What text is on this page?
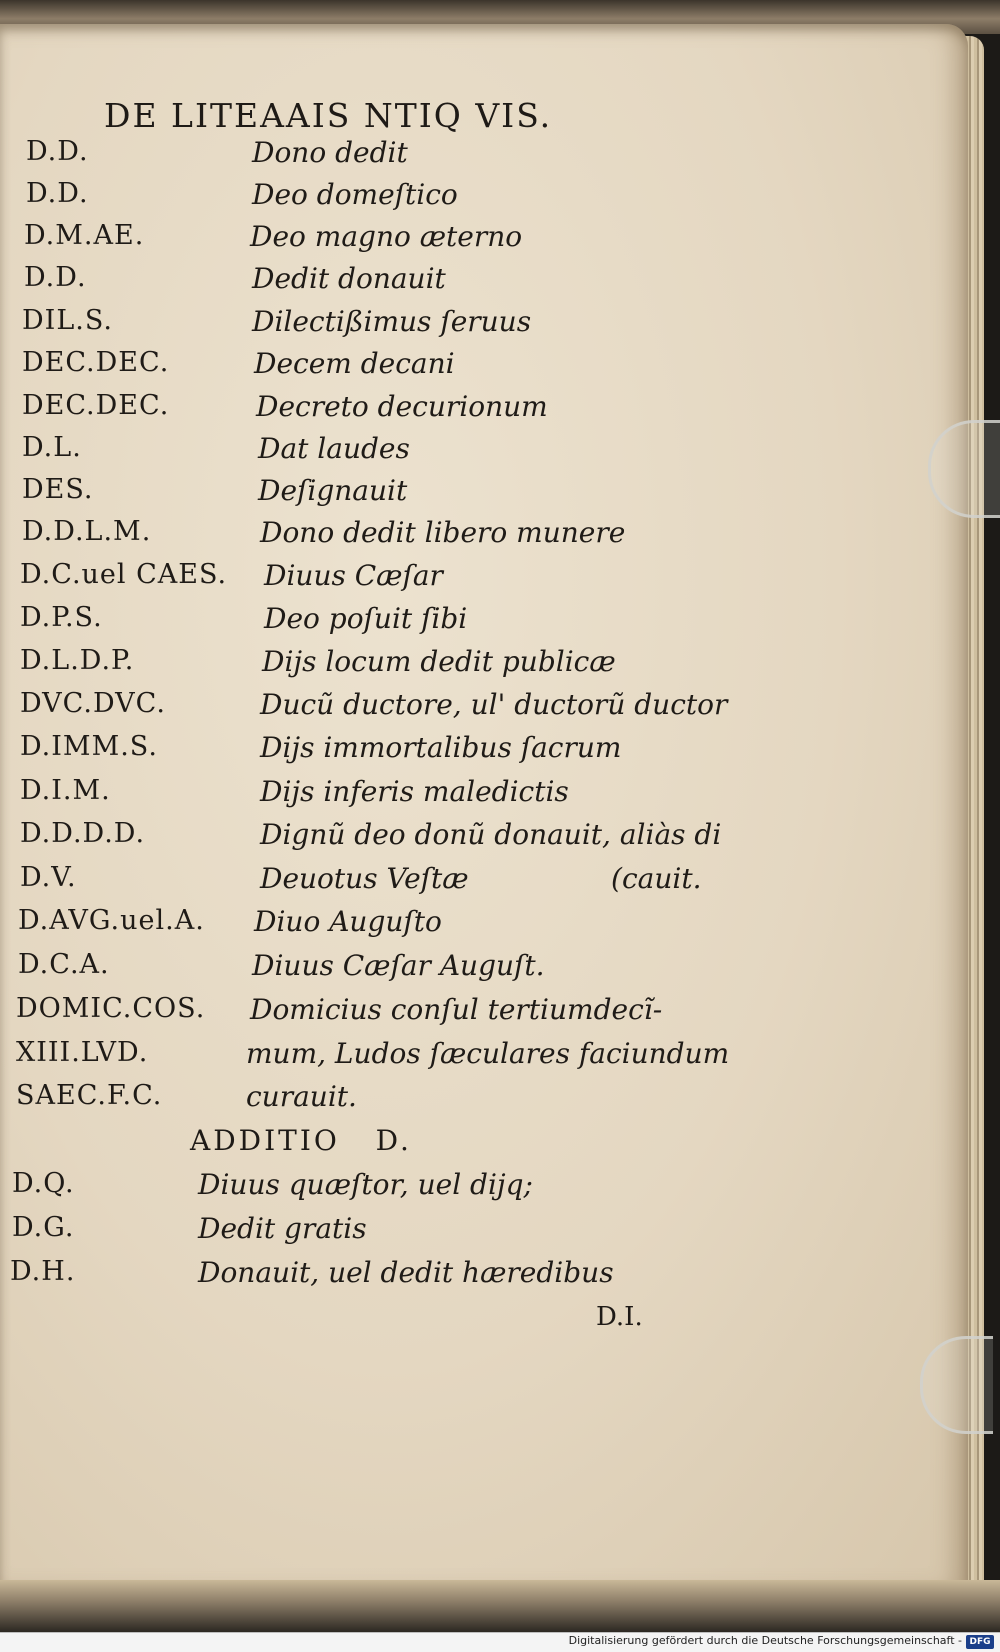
DE LITEAAIS NTIQ VIS.
D.D.	Dono dedit
D.D.	Deo domeſtico
D.M.AE.	Deo magno æterno
D.D.	Dedit donauit
DIL.S.	Dilectißimus ſeruus
DEC.DEC.	Decem decani
DEC.DEC.	Decreto decurionum
D.L.	Dat laudes
DES.	Deſignauit
D.D.L.M.	Dono dedit libero munere
D.C.uel CAES. Diuus Cæſar
D.P.S.	Deo poſuit ſibi
D.L.D.P.	Dijs locum dedit publicæ
DVC.DVC.	Ducũ ductore, ul' ductorũ ductor
D.IMM.S.	Dijs immortalibus ſacrum
D.I.M.	Dijs inferis maledictis
D.D.D.D.	Dignũ deo donũ donauit, aliàs di
D.V.	Deuotus Veſtæ                (cauit.
D.AVG.uel.A. Diuo Auguſto
D.C.A.	Diuus Cæſar Auguſt.
DOMIC.COS. Domicius conſul tertiumdecĩ-
XIII.LVD.	mum, Ludos ſæculares faciundum
SAEC.F.C.	curauit.
ADDITIO   D.
D.Q.	Diuus quæſtor, uel dijq;
D.G.	Dedit gratis
D.H.	Donauit, uel dedit hæredibus
D.I.
Digitalisierung gefördert durch die Deutsche Forschungsgemeinschaft - DFG
